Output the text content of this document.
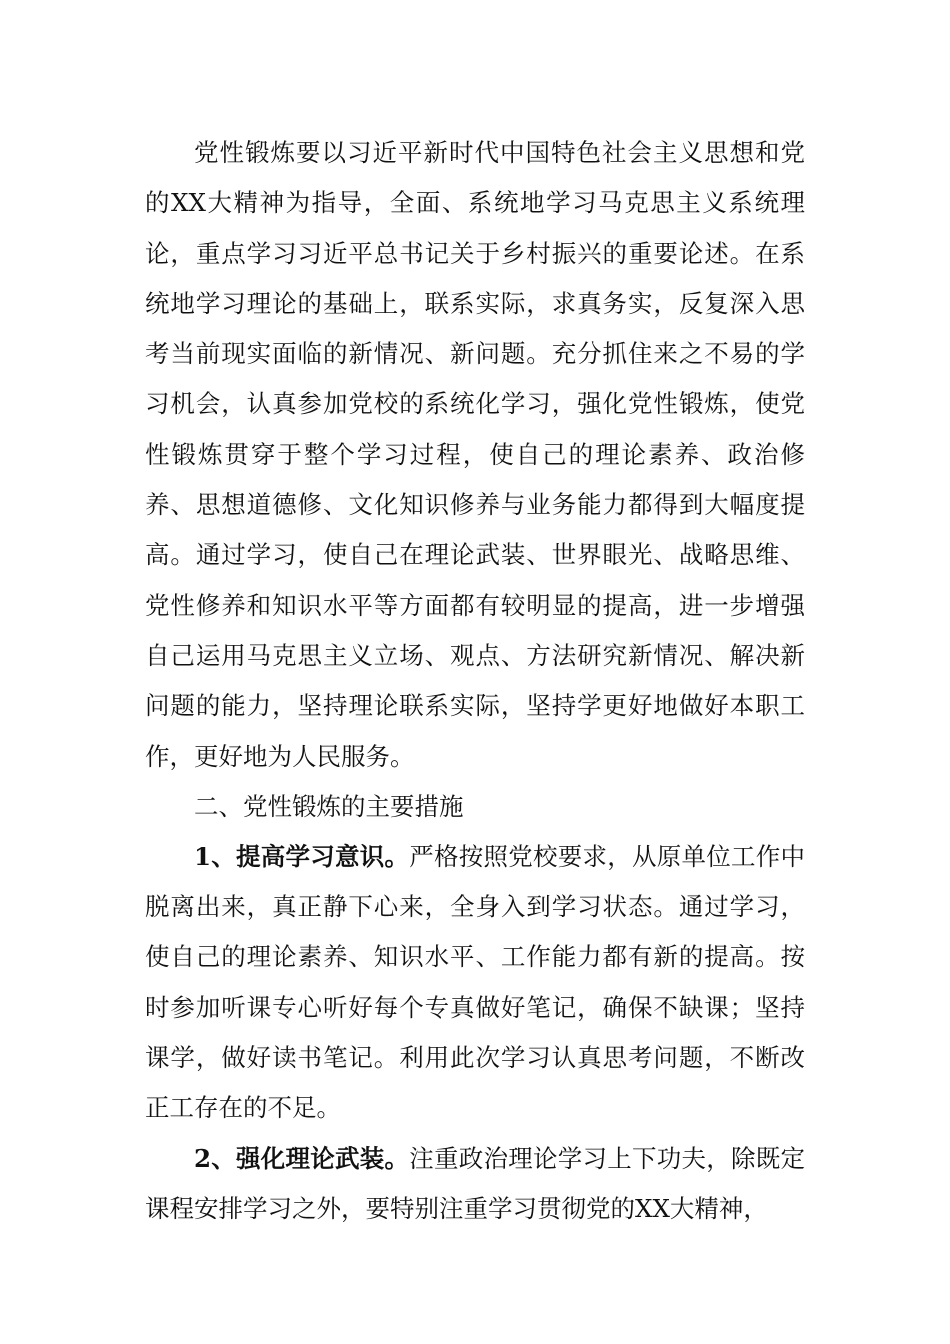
党性锻炼要以习近平新时代中国特色社会主义思想和党的XX大精神为指导，全面、系统地学习马克思主义系统理论，重点学习习近平总书记关于乡村振兴的重要论述。在系统地学习理论的基础上，联系实际，求真务实，反复深入思考当前现实面临的新情况、新问题。充分抓住来之不易的学习机会，认真参加党校的系统化学习，强化党性锻炼，使党性锻炼贯穿于整个学习过程，使自己的理论素养、政治修养、思想道德修、文化知识修养与业务能力都得到大幅度提高。通过学习，使自己在理论武装、世界眼光、战略思维、党性修养和知识水平等方面都有较明显的提高，进一步增强自己运用马克思主义立场、观点、方法研究新情况、解决新问题的能力，坚持理论联系实际，坚持学更好地做好本职工作，更好地为人民服务。

二、党性锻炼的主要措施

1、提高学习意识。严格按照党校要求，从原单位工作中脱离出来，真正静下心来，全身入到学习状态。通过学习，使自己的理论素养、知识水平、工作能力都有新的提高。按时参加听课专心听好每个专真做好笔记，确保不缺课；坚持课学，做好读书笔记。利用此次学习认真思考问题，不断改正工存在的不足。

2、强化理论武装。注重政治理论学习上下功夫，除既定课程安排学习之外，要特别注重学习贯彻党的XX大精神，
